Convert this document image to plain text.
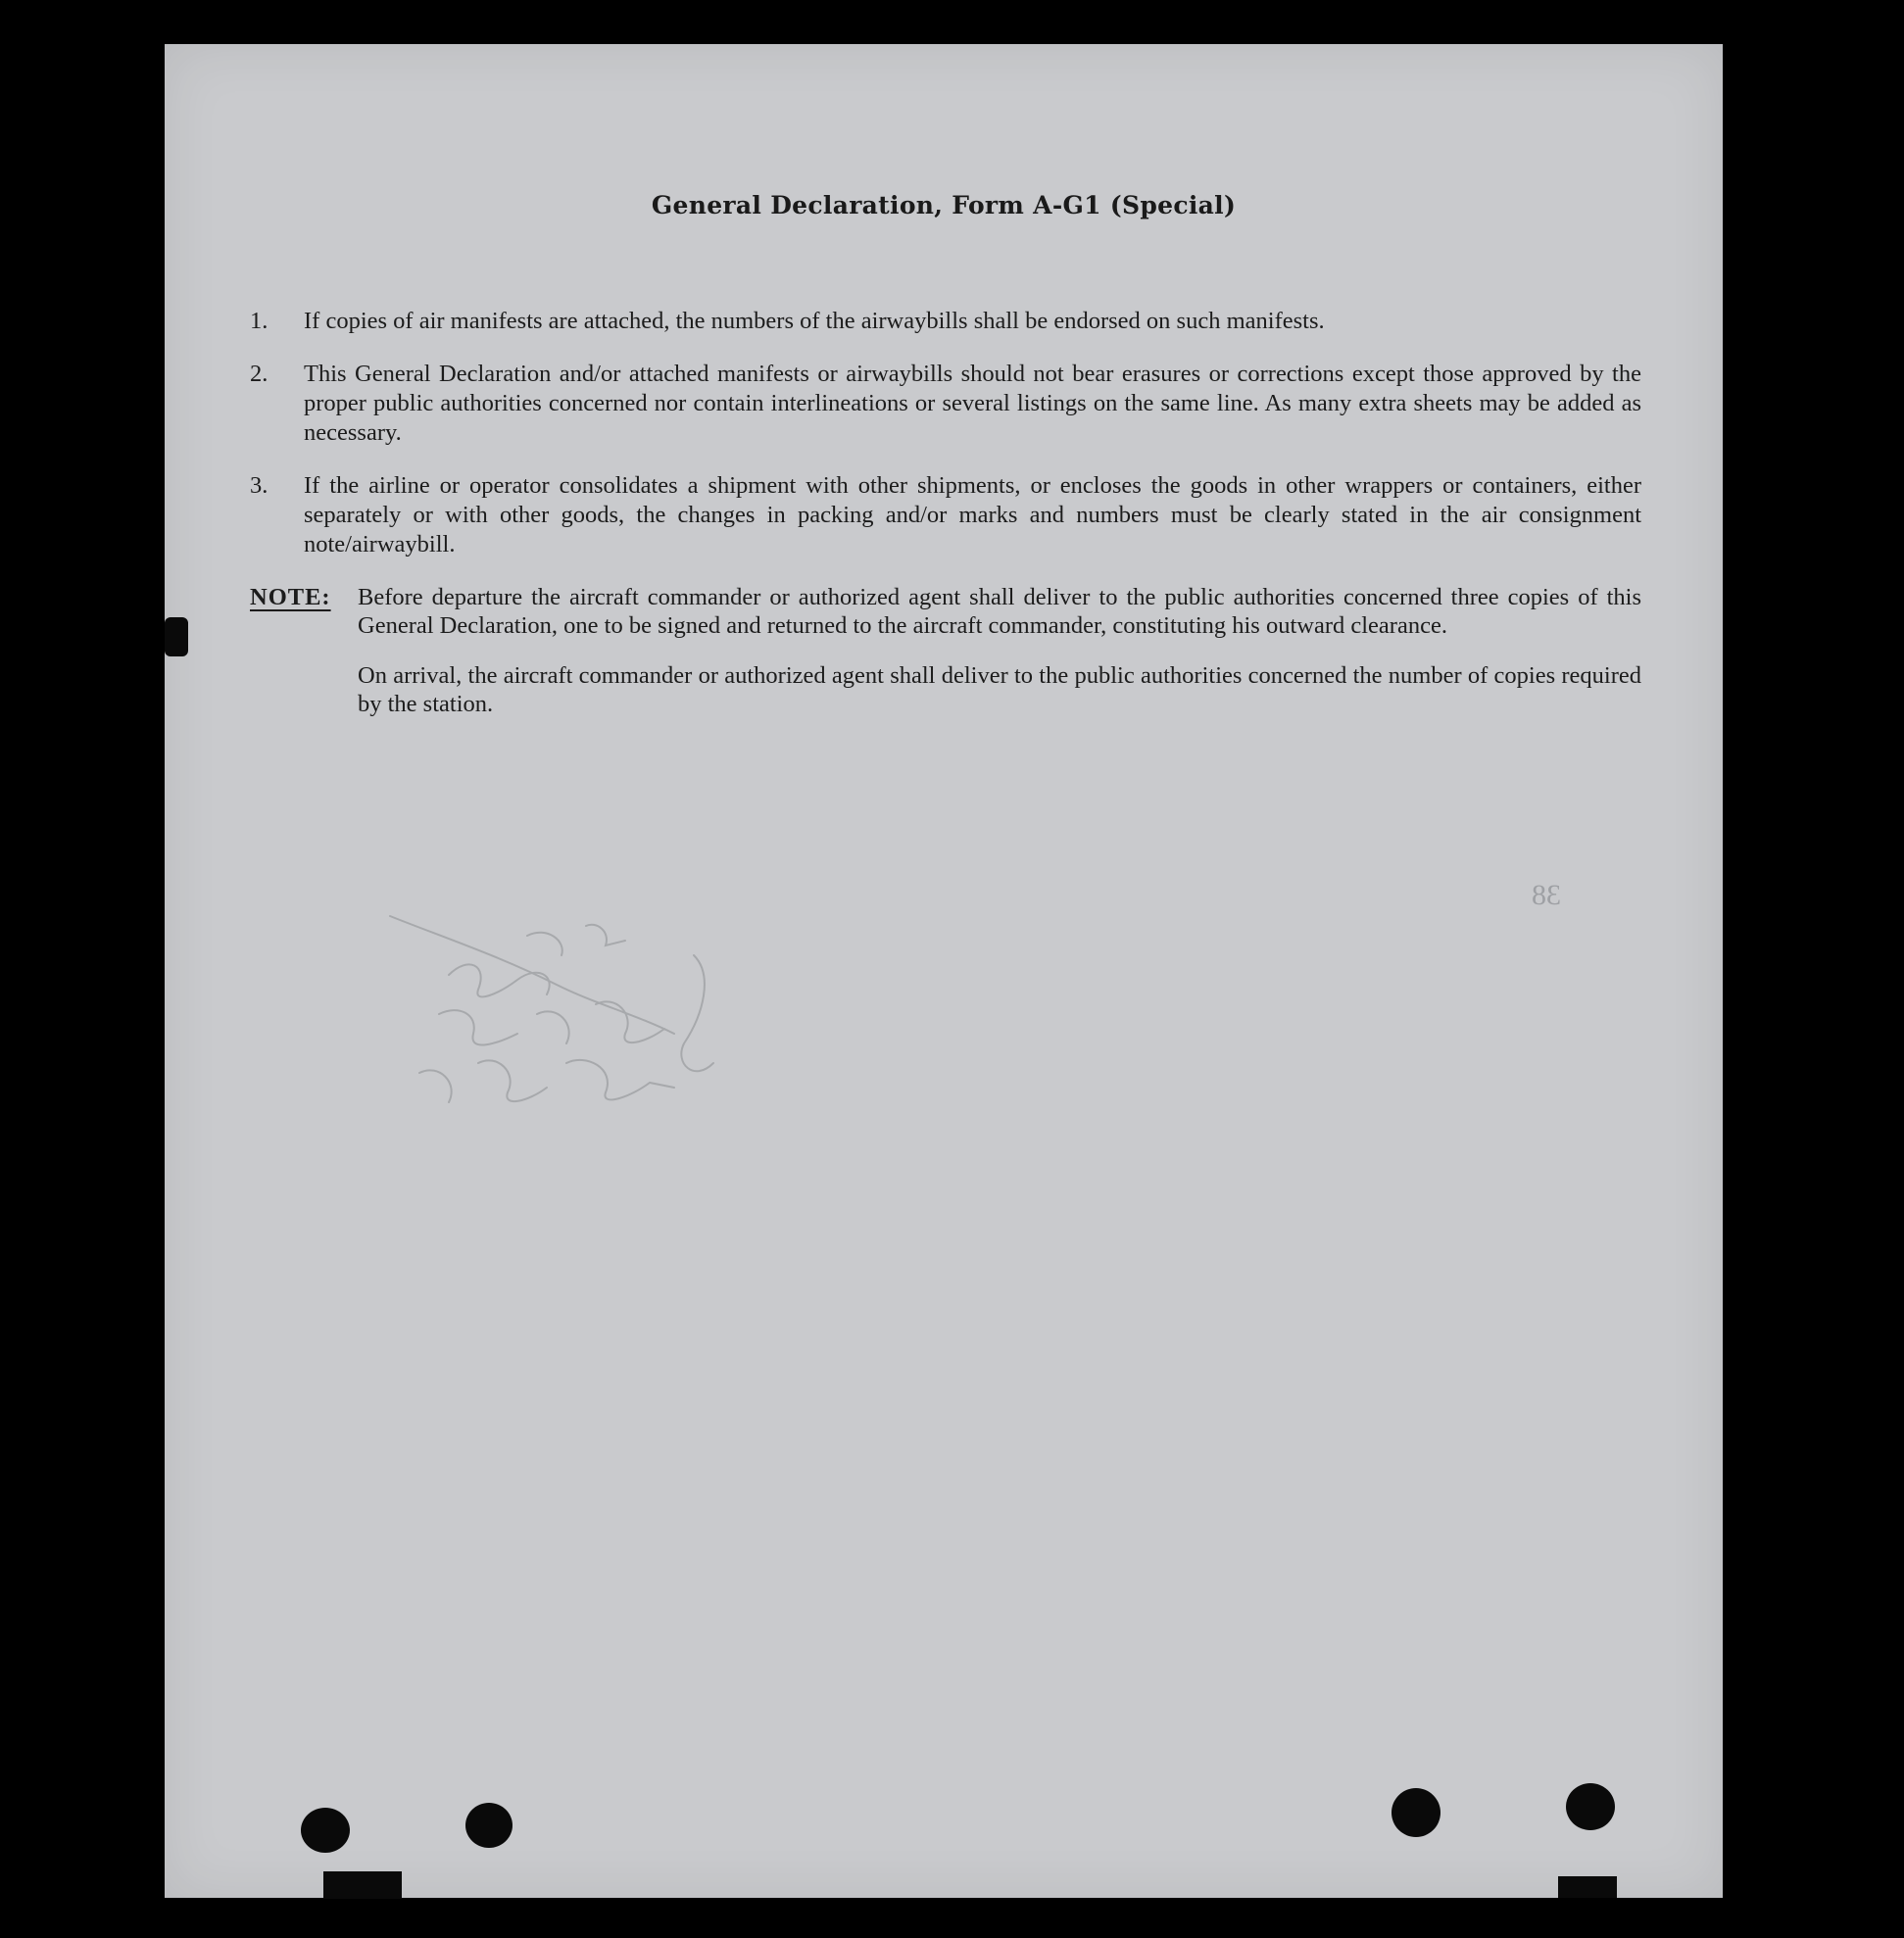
General Declaration, Form A-G1 (Special)
1.	If copies of air manifests are attached, the numbers of the airwaybills shall be endorsed on such manifests.
2.	This General Declaration and/or attached manifests or airwaybills should not bear erasures or corrections except those approved by the proper public authorities concerned nor contain interlineations or several listings on the same line. As many extra sheets may be added as necessary.
3.	If the airline or operator consolidates a shipment with other shipments, or encloses the goods in other wrappers or containers, either separately or with other goods, the changes in packing and/or marks and numbers must be clearly stated in the air consignment note/airwaybill.
NOTE: Before departure the aircraft commander or authorized agent shall deliver to the public authorities concerned three copies of this General Declaration, one to be signed and returned to the aircraft commander, constituting his outward clearance.
On arrival, the aircraft commander or authorized agent shall deliver to the public authorities concerned the number of copies required by the station.
38
